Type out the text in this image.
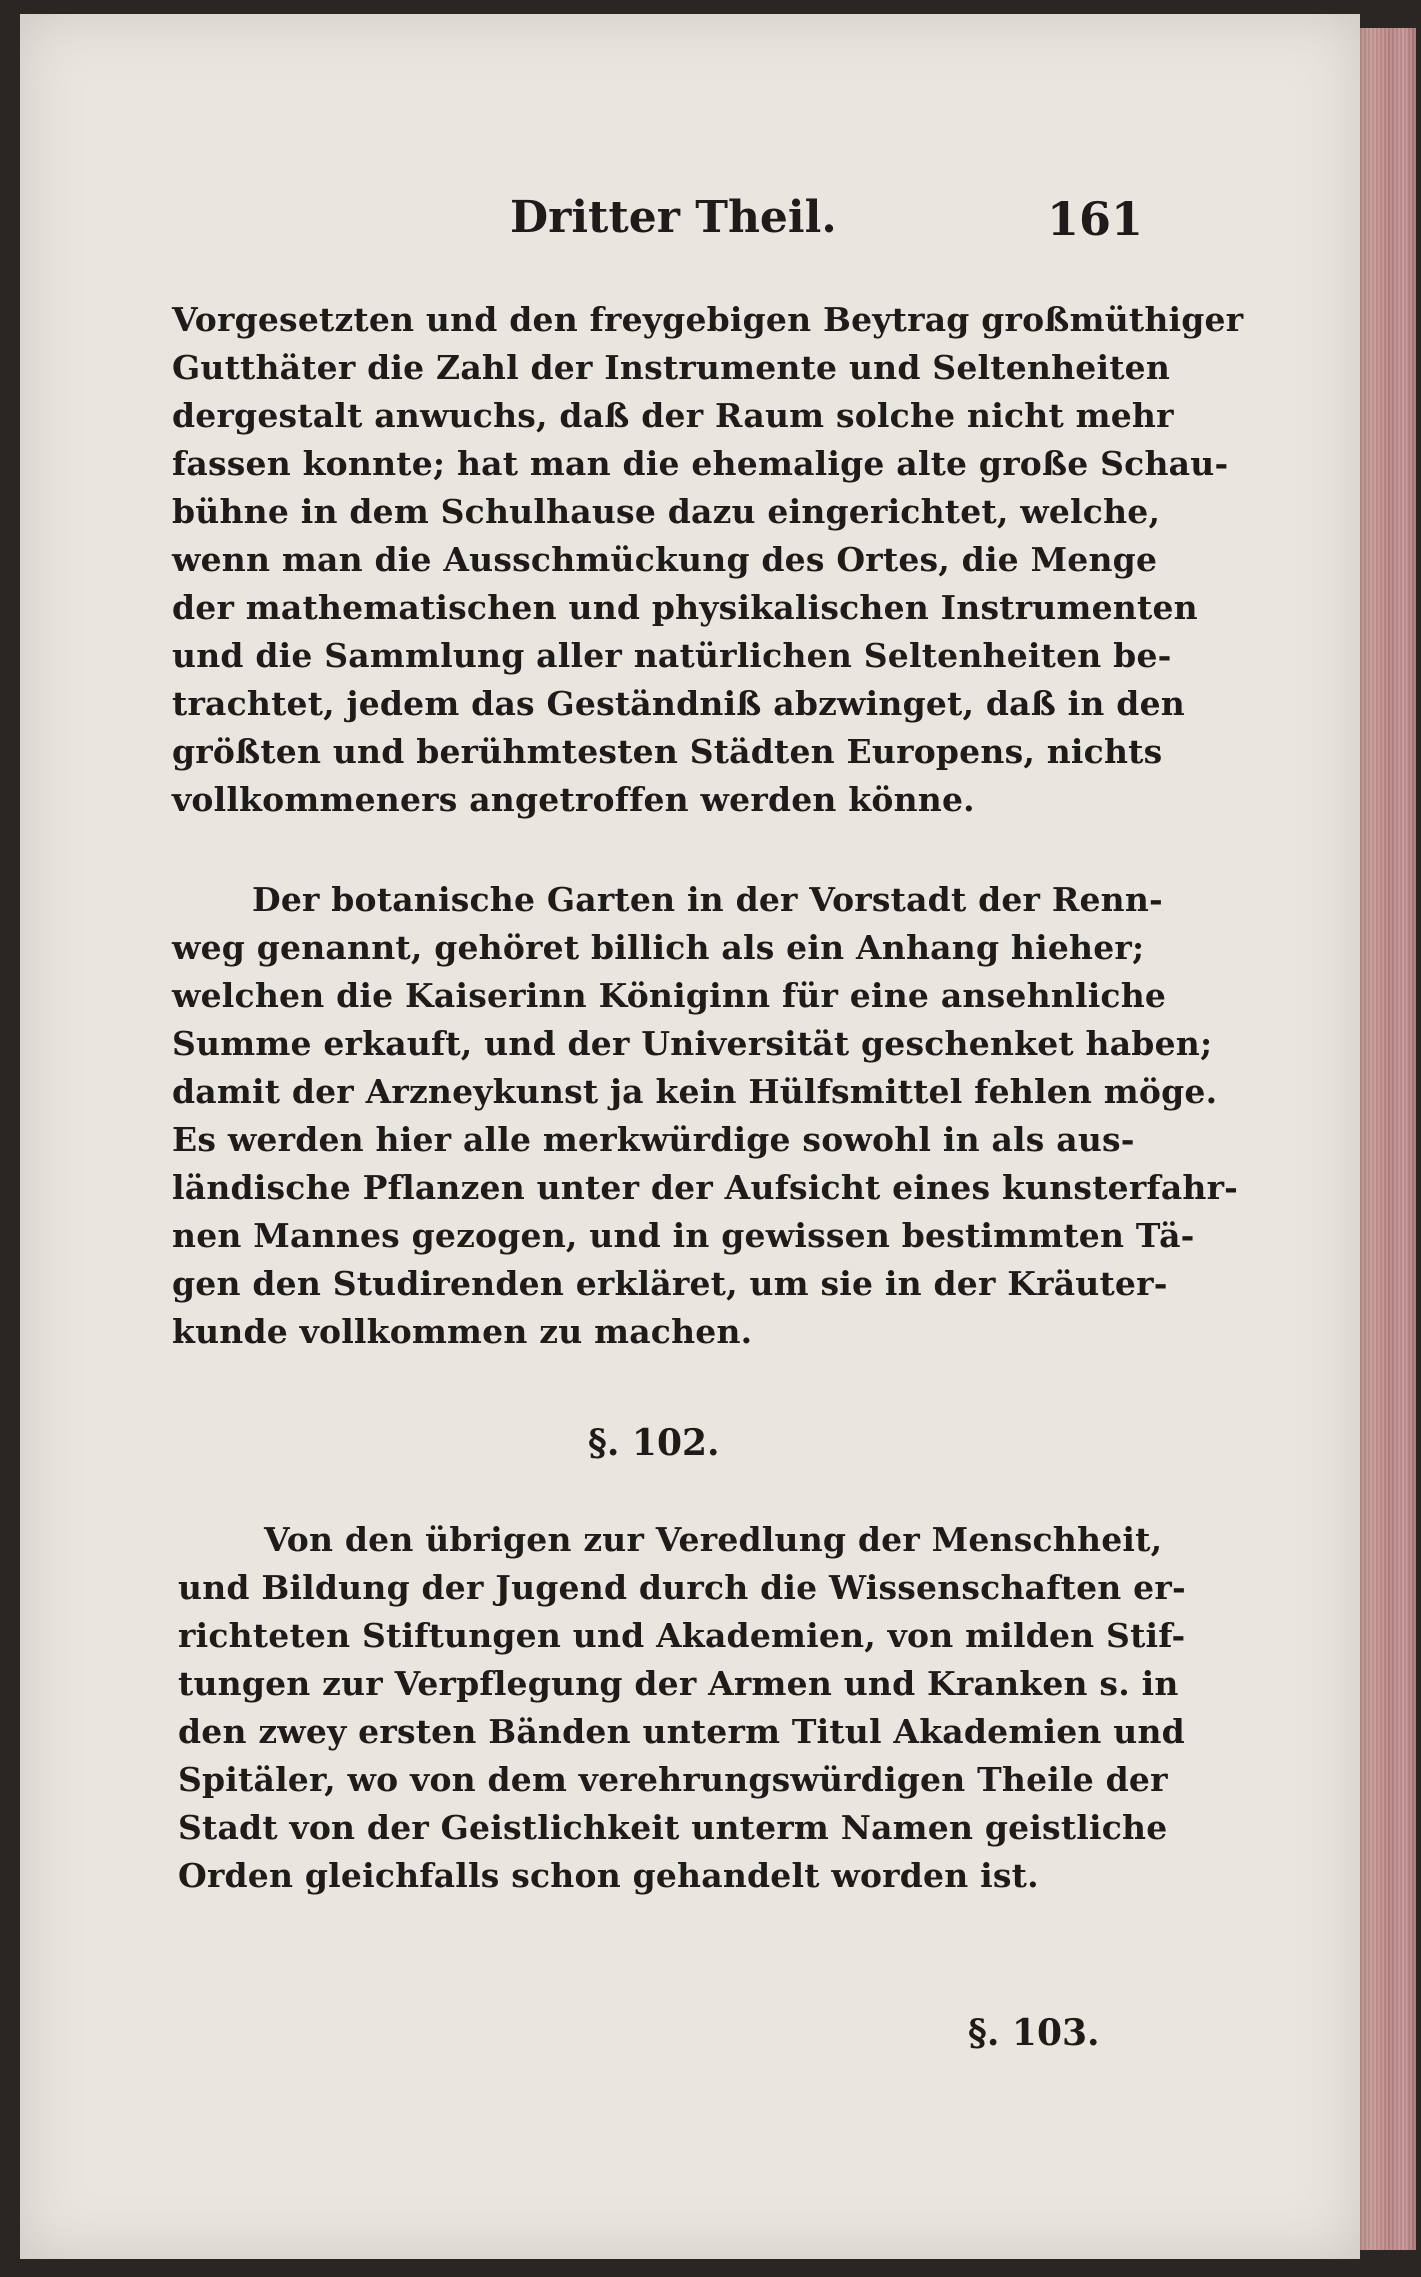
Dritter Theil.	161
Vorgesetzten und den freygebigen Beytrag großmüthiger
Gutthäter die Zahl der Instrumente und Seltenheiten
dergestalt anwuchs, daß der Raum solche nicht mehr
fassen konnte; hat man die ehemalige alte große Schau-
bühne in dem Schulhause dazu eingerichtet, welche,
wenn man die Ausschmückung des Ortes, die Menge
der mathematischen und physikalischen Instrumenten
und die Sammlung aller natürlichen Seltenheiten be-
trachtet, jedem das Geständniß abzwinget, daß in den
größten und berühmtesten Städten Europens, nichts
vollkommeners angetroffen werden könne.
Der botanische Garten in der Vorstadt der Renn-
weg genannt, gehöret billich als ein Anhang hieher;
welchen die Kaiserinn Königinn für eine ansehnliche
Summe erkauft, und der Universität geschenket haben;
damit der Arzneykunst ja kein Hülfsmittel fehlen möge.
Es werden hier alle merkwürdige sowohl in als aus-
ländische Pflanzen unter der Aufsicht eines kunsterfahr-
nen Mannes gezogen, und in gewissen bestimmten Tä-
gen den Studirenden erkläret, um sie in der Kräuter-
kunde vollkommen zu machen.
§. 102.
Von den übrigen zur Veredlung der Menschheit,
und Bildung der Jugend durch die Wissenschaften er-
richteten Stiftungen und Akademien, von milden Stif-
tungen zur Verpflegung der Armen und Kranken s. in
den zwey ersten Bänden unterm Titul Akademien und
Spitäler, wo von dem verehrungswürdigen Theile der
Stadt von der Geistlichkeit unterm Namen geistliche
Orden gleichfalls schon gehandelt worden ist.
§. 103.
